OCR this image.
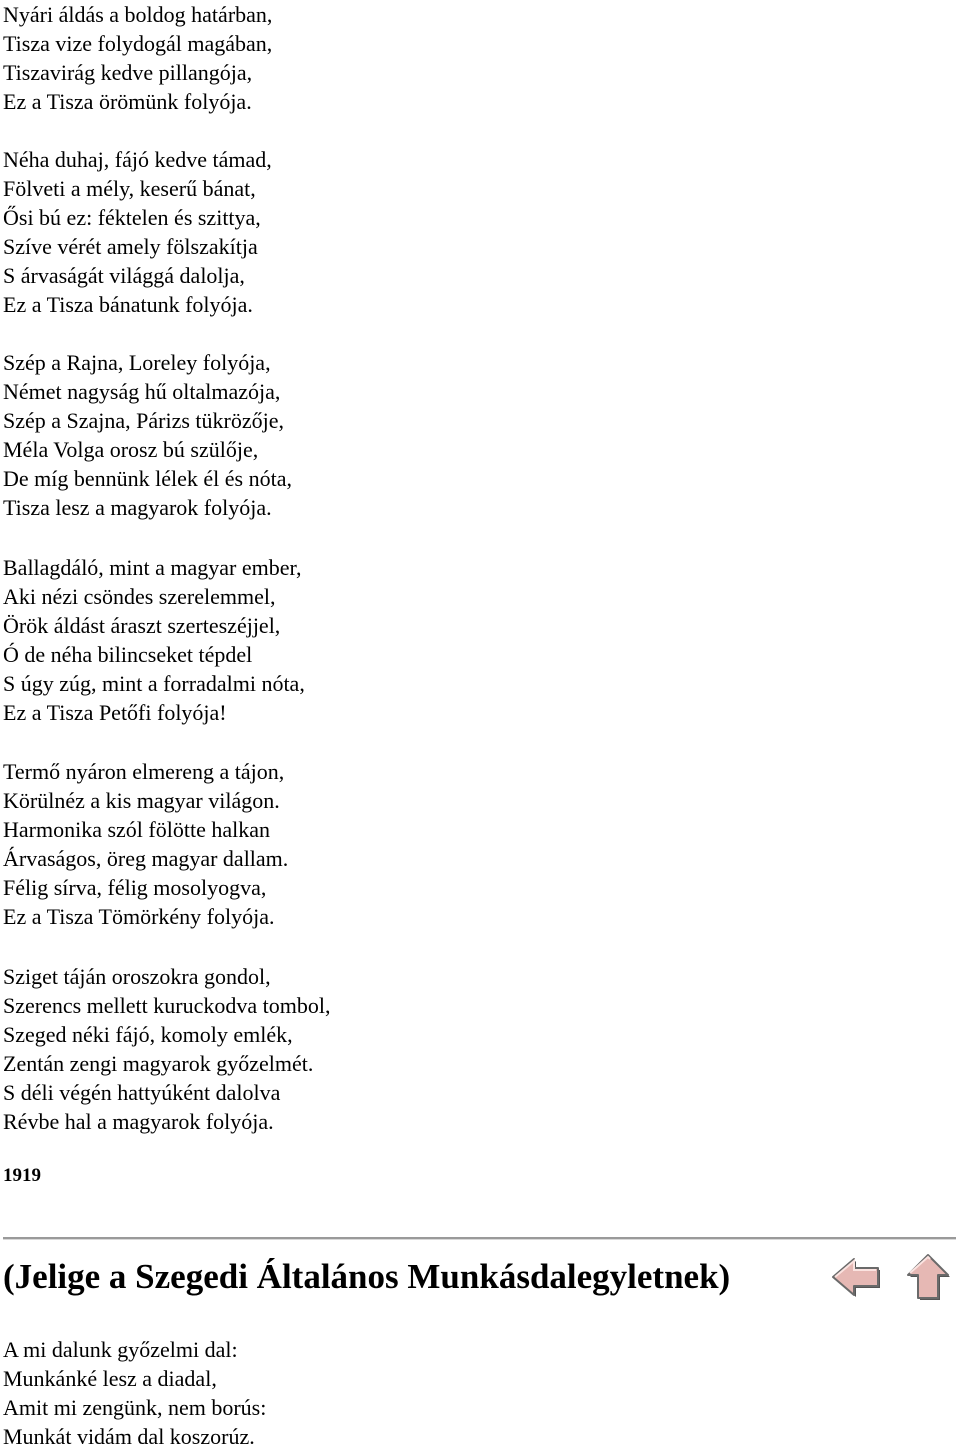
Nyári áldás a boldog határban,
Tisza vize folydogál magában,
Tiszavirág kedve pillangója,
Ez a Tisza örömünk folyója.
Néha duhaj, fájó kedve támad,
Fölveti a mély, keserű bánat,
Ősi bú ez: féktelen és szittya,
Szíve vérét amely fölszakítja
S árvaságát világgá dalolja,
Ez a Tisza bánatunk folyója.
Szép a Rajna, Loreley folyója,
Német nagyság hű oltalmazója,
Szép a Szajna, Párizs tükrözője,
Méla Volga orosz bú szülője,
De míg bennünk lélek él és nóta,
Tisza lesz a magyarok folyója.
Ballagdáló, mint a magyar ember,
Aki nézi csöndes szerelemmel,
Örök áldást áraszt szerteszéjjel,
Ó de néha bilincseket tépdel
S úgy zúg, mint a forradalmi nóta,
Ez a Tisza Petőfi folyója!
Termő nyáron elmereng a tájon,
Körülnéz a kis magyar világon.
Harmonika szól fölötte halkan
Árvaságos, öreg magyar dallam.
Félig sírva, félig mosolyogva,
Ez a Tisza Tömörkény folyója.
Sziget táján oroszokra gondol,
Szerencs mellett kuruckodva tombol,
Szeged néki fájó, komoly emlék,
Zentán zengi magyarok győzelmét.
S déli végén hattyúként dalolva
Révbe hal a magyarok folyója.
1919
(Jelige a Szegedi Általános Munkásdalegyletnek)
A mi dalunk győzelmi dal:
Munkánké lesz a diadal,
Amit mi zengünk, nem borús:
Munkát vidám dal koszorúz.
